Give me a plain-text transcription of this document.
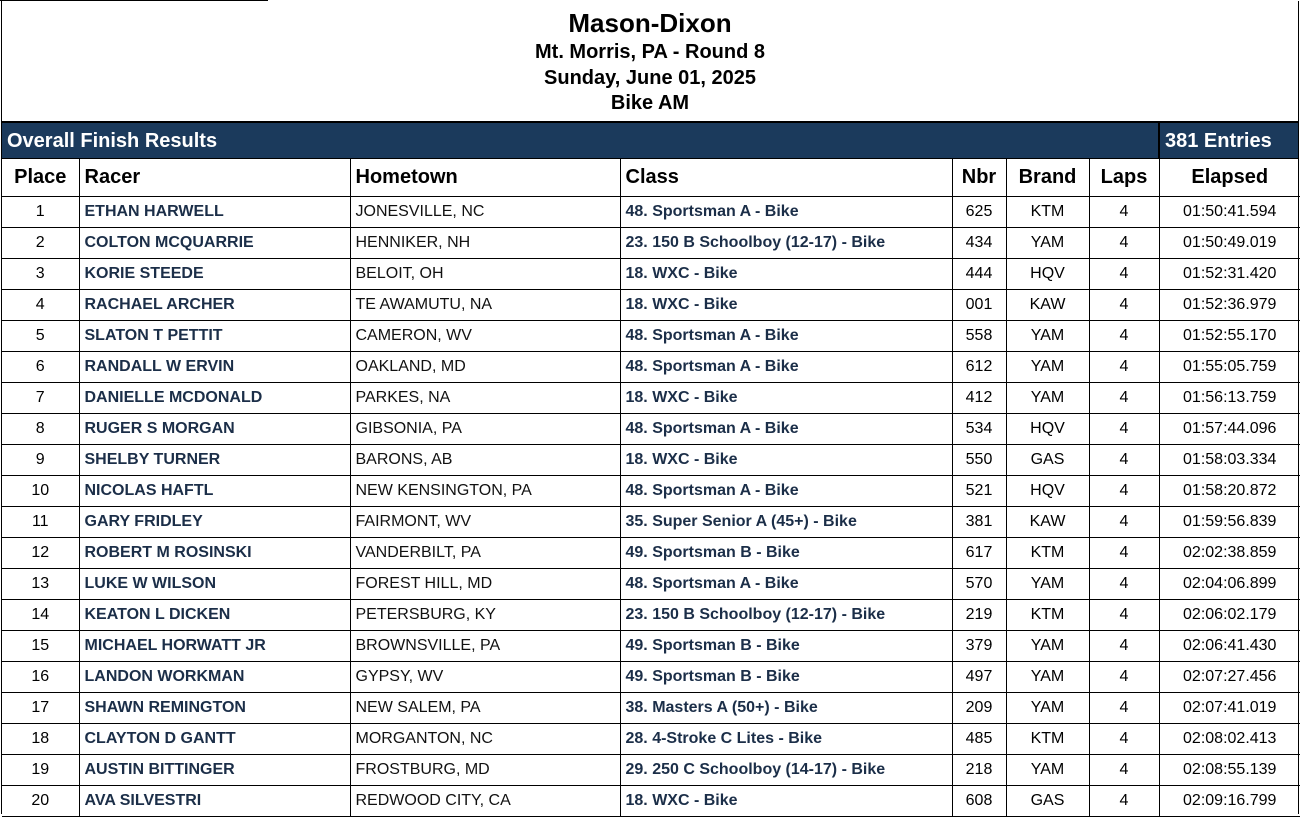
Mason-Dixon
Mt. Morris, PA - Round 8
Sunday, June 01, 2025
Bike AM
Overall Finish Results	381 Entries
Place	Racer	Hometown	Class	Nbr	Brand	Laps	Elapsed
1	ETHAN HARWELL	JONESVILLE, NC	48. Sportsman A - Bike	625	KTM	4	01:50:41.594
2	COLTON MCQUARRIE	HENNIKER, NH	23. 150 B Schoolboy (12-17) - Bike	434	YAM	4	01:50:49.019
3	KORIE STEEDE	BELOIT, OH	18. WXC - Bike	444	HQV	4	01:52:31.420
4	RACHAEL ARCHER	TE AWAMUTU, NA	18. WXC - Bike	001	KAW	4	01:52:36.979
5	SLATON T PETTIT	CAMERON, WV	48. Sportsman A - Bike	558	YAM	4	01:52:55.170
6	RANDALL W ERVIN	OAKLAND, MD	48. Sportsman A - Bike	612	YAM	4	01:55:05.759
7	DANIELLE MCDONALD	PARKES, NA	18. WXC - Bike	412	YAM	4	01:56:13.759
8	RUGER S MORGAN	GIBSONIA, PA	48. Sportsman A - Bike	534	HQV	4	01:57:44.096
9	SHELBY TURNER	BARONS, AB	18. WXC - Bike	550	GAS	4	01:58:03.334
10	NICOLAS HAFTL	NEW KENSINGTON, PA	48. Sportsman A - Bike	521	HQV	4	01:58:20.872
11	GARY FRIDLEY	FAIRMONT, WV	35. Super Senior A (45+) - Bike	381	KAW	4	01:59:56.839
12	ROBERT M ROSINSKI	VANDERBILT, PA	49. Sportsman B - Bike	617	KTM	4	02:02:38.859
13	LUKE W WILSON	FOREST HILL, MD	48. Sportsman A - Bike	570	YAM	4	02:04:06.899
14	KEATON L DICKEN	PETERSBURG, KY	23. 150 B Schoolboy (12-17) - Bike	219	KTM	4	02:06:02.179
15	MICHAEL HORWATT JR	BROWNSVILLE, PA	49. Sportsman B - Bike	379	YAM	4	02:06:41.430
16	LANDON WORKMAN	GYPSY, WV	49. Sportsman B - Bike	497	YAM	4	02:07:27.456
17	SHAWN REMINGTON	NEW SALEM, PA	38. Masters A (50+) - Bike	209	YAM	4	02:07:41.019
18	CLAYTON D GANTT	MORGANTON, NC	28. 4-Stroke C Lites - Bike	485	KTM	4	02:08:02.413
19	AUSTIN BITTINGER	FROSTBURG, MD	29. 250 C Schoolboy (14-17) - Bike	218	YAM	4	02:08:55.139
20	AVA SILVESTRI	REDWOOD CITY, CA	18. WXC - Bike	608	GAS	4	02:09:16.799
